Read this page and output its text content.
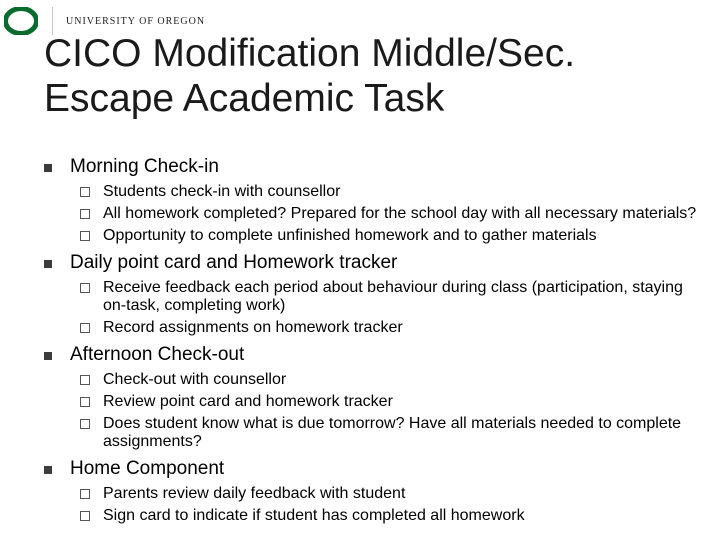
UNIVERSITY OF OREGON
CICO Modification Middle/Sec.
Escape Academic Task
Morning Check-in
Students check-in with counsellor
All homework completed? Prepared for the school day with all necessary materials?
Opportunity to complete unfinished homework and to gather materials
Daily point card and Homework tracker
Receive feedback each period about behaviour during class (participation, staying on-task, completing work)
Record assignments on homework tracker
Afternoon Check-out
Check-out with counsellor
Review point card and homework tracker
Does student know what is due tomorrow? Have all materials needed to complete assignments?
Home Component
Parents review daily feedback with student
Sign card to indicate if student has completed all homework
